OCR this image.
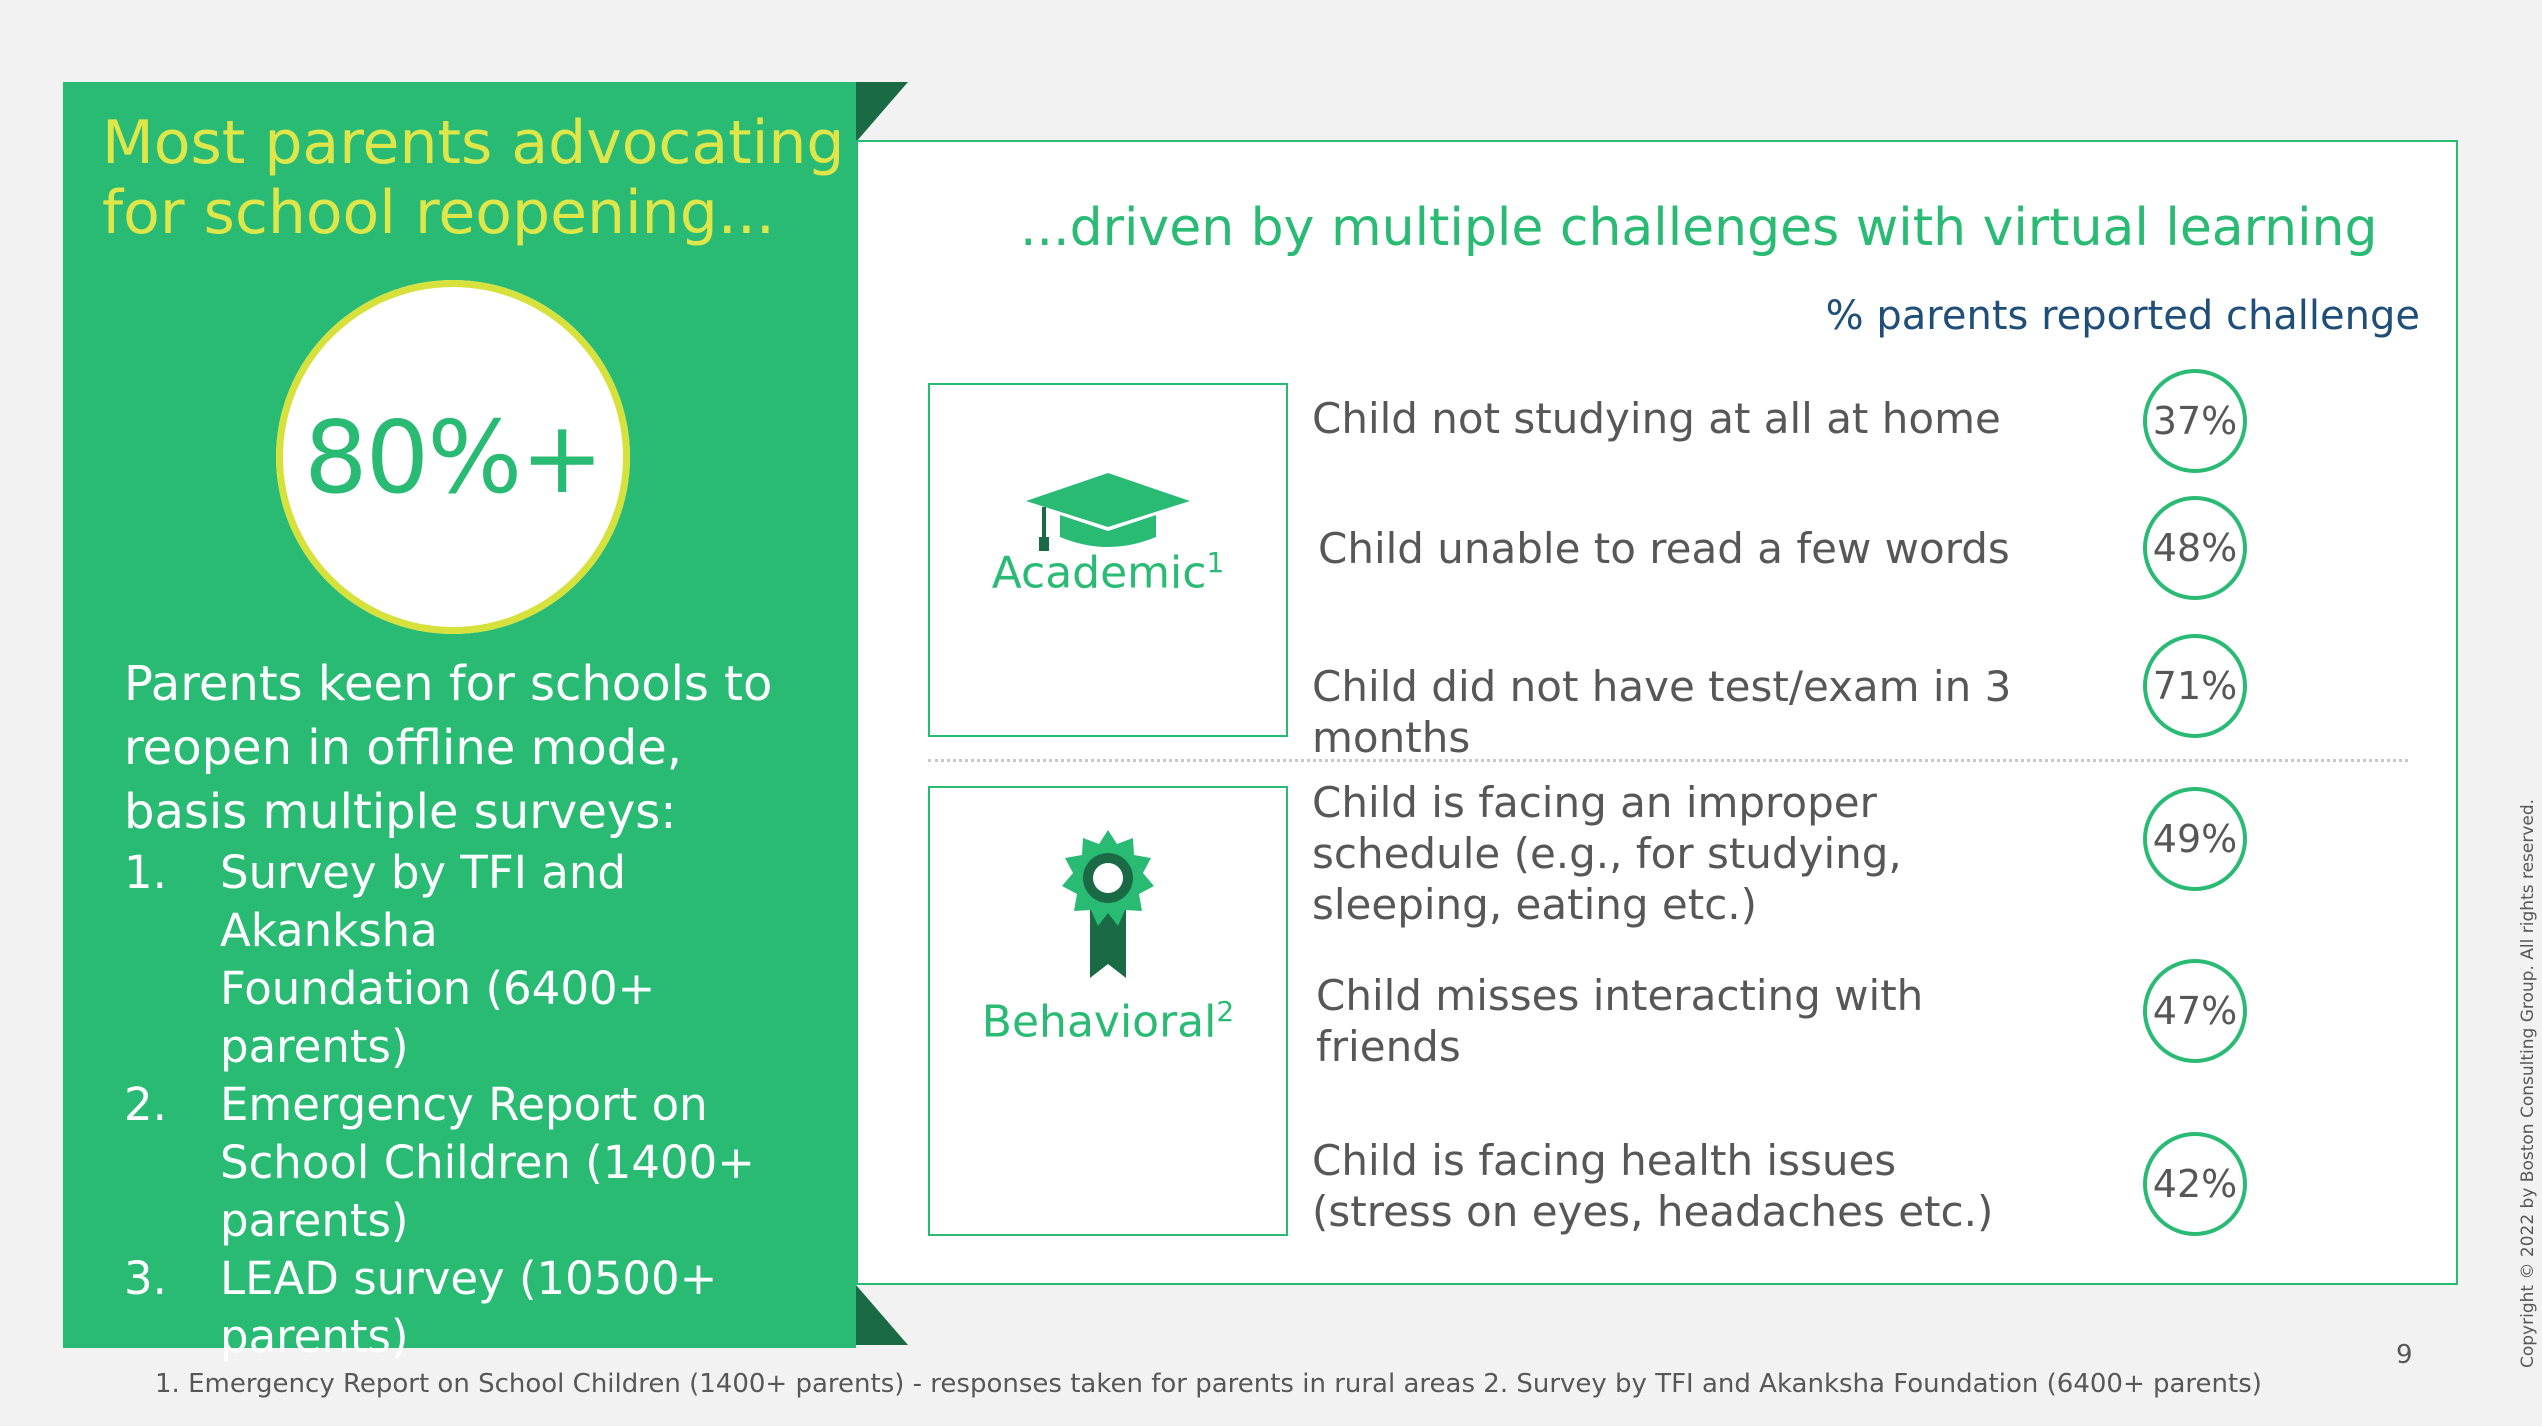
Most parents advocating
for school reopening...
80%+

Parents keen for schools to

reopen in offline mode,

basis multiple surveys:

1.	Survey by TFI and Akanksha
Foundation (6400+ parents)
2.	Emergency Report on
School Children (1400+
parents)
3.	LEAD survey (10500+
parents)
...driven by multiple challenges with virtual learning
% parents reported challenge
Academic$^1$
Behavioral$^2$
Child not studying at all at home	37%
Child unable to read a few words	48%
Child did not have test/exam in 3 months
71%
Child is facing an improper
schedule (e.g., for studying,
sleeping, eating etc.)
49%
Child misses interacting with
friends
47%
Child is facing health issues
(stress on eyes, headaches etc.)
42%
1. Emergency Report on School Children (1400+ parents) - responses taken for parents in rural areas 2. Survey by TFI and Akanksha Foundation (6400+ parents)
9	Copyright © 2022 by Boston Consulting Group. All rights reserved.
